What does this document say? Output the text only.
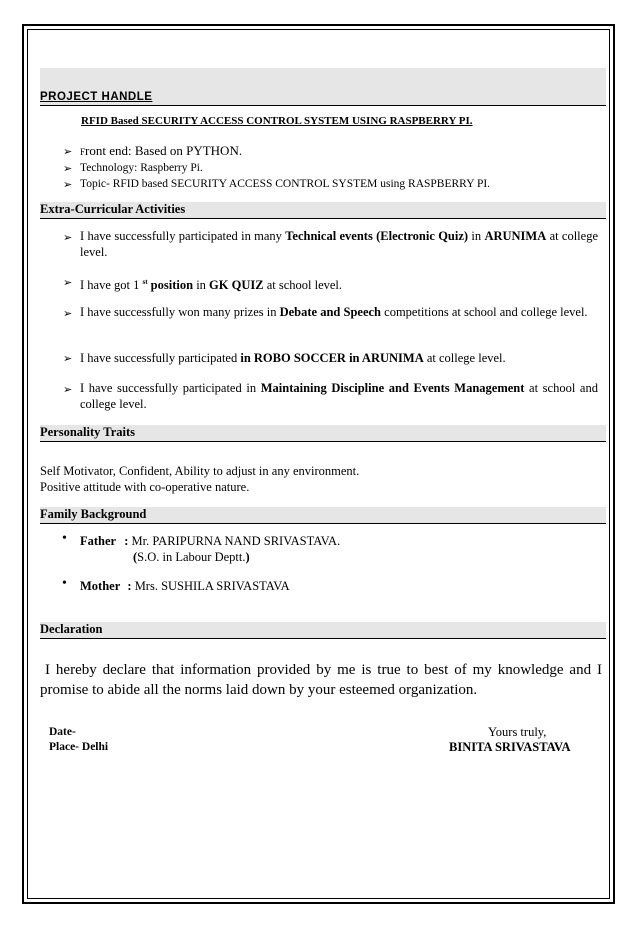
PROJECT HANDLE
RFID Based SECURITY ACCESS CONTROL SYSTEM USING RASPBERRY PI.
➢ Front end: Based on PYTHON.
➢ Technology: Raspberry Pi.
➢ Topic- RFID based SECURITY ACCESS CONTROL SYSTEM using RASPBERRY PI.
Extra-Curricular Activities
➢ I have successfully participated in many Technical events (Electronic Quiz) in ARUNIMA at college level.
➢ I have got 1 $^{st}$ position in GK QUIZ at school level.
➢ I have successfully won many prizes in Debate and Speech competitions at school and college level.
➢ I have successfully participated in ROBO SOCCER in ARUNIMA at college level.
➢ I have successfully participated in Maintaining Discipline and Events Management at school and college level.
Personality Traits
Self Motivator, Confident, Ability to adjust in any environment.
Positive attitude with co-operative nature.
Family Background
• Father : Mr. PARIPURNA NAND SRIVASTAVA.
(S.O. in Labour Deptt.)
• Mother : Mrs. SUSHILA SRIVASTAVA
Declaration
I hereby declare that information provided by me is true to best of my knowledge and I promise to abide all the norms laid down by your esteemed organization.
Date-
Place- Delhi
Yours truly,
BINITA SRIVASTAVA
